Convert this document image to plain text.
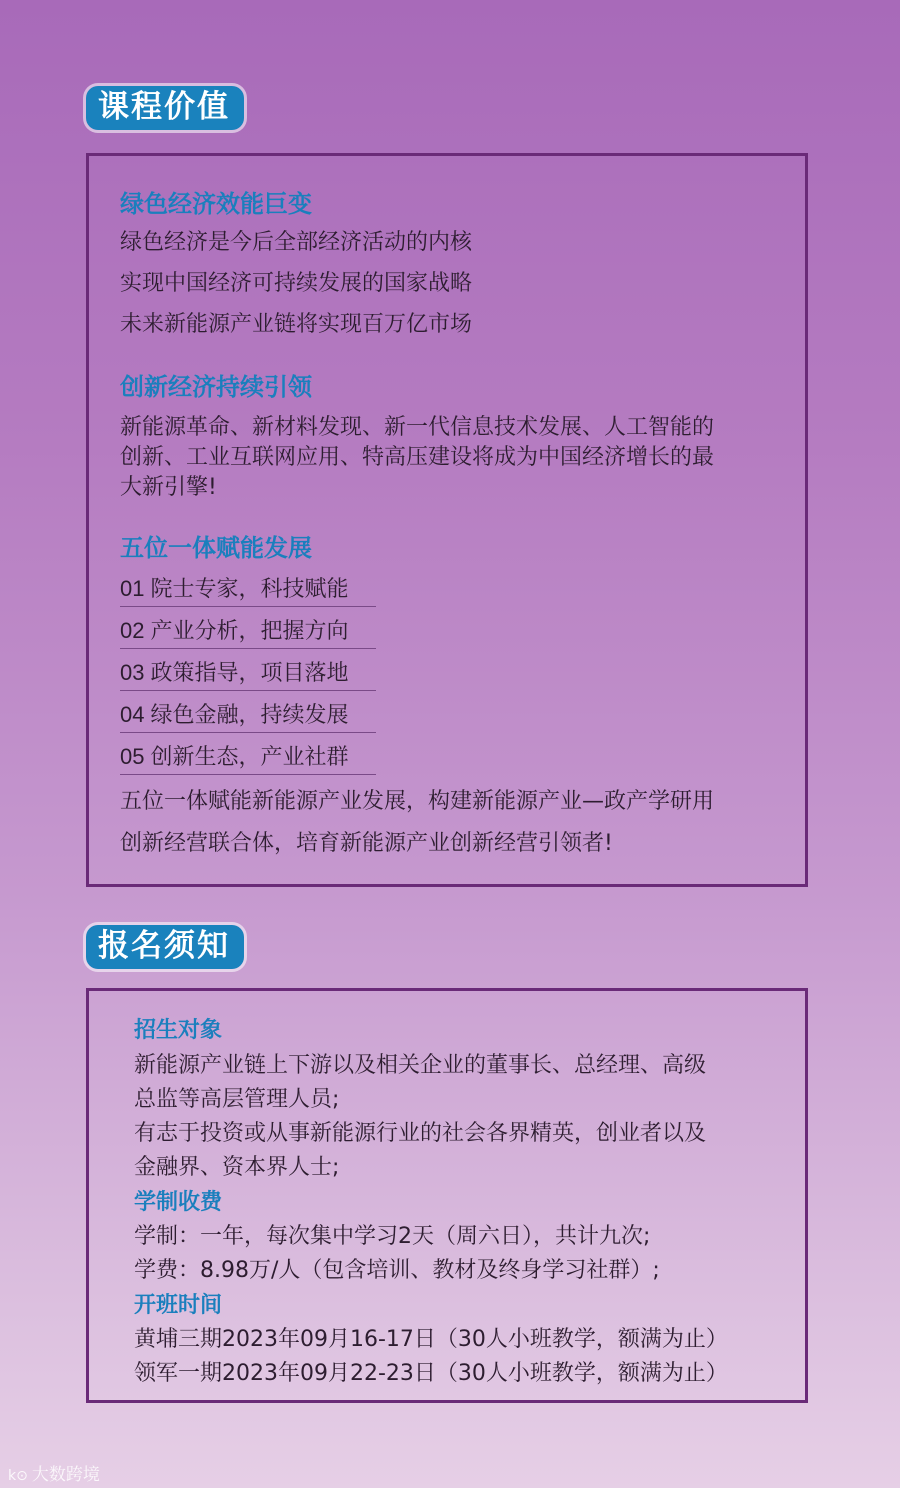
课程价值
绿色经济效能巨变
绿色经济是今后全部经济活动的内核
实现中国经济可持续发展的国家战略
未来新能源产业链将实现百万亿市场
创新经济持续引领
新能源革命、新材料发现、新一代信息技术发展、人工智能的
创新、工业互联网应用、特高压建设将成为中国经济增长的最
大新引擎!
五位一体赋能发展
01 院士专家，科技赋能
02 产业分析，把握方向
03 政策指导，项目落地
04 绿色金融，持续发展
05 创新生态，产业社群
五位一体赋能新能源产业发展，构建新能源产业—政产学研用
创新经营联合体，培育新能源产业创新经营引领者!
报名须知
招生对象
新能源产业链上下游以及相关企业的董事长、总经理、高级
总监等高层管理人员;
有志于投资或从事新能源行业的社会各界精英，创业者以及
金融界、资本界人士;
学制收费
学制：一年，每次集中学习2天（周六日），共计九次;
学费：8.98万/人（包含培训、教材及终身学习社群）;
开班时间
黄埔三期2023年09月16-17日（30人小班教学，额满为止）
领军一期2023年09月22-23日（30人小班教学，额满为止）
k⊙ 大数跨境
